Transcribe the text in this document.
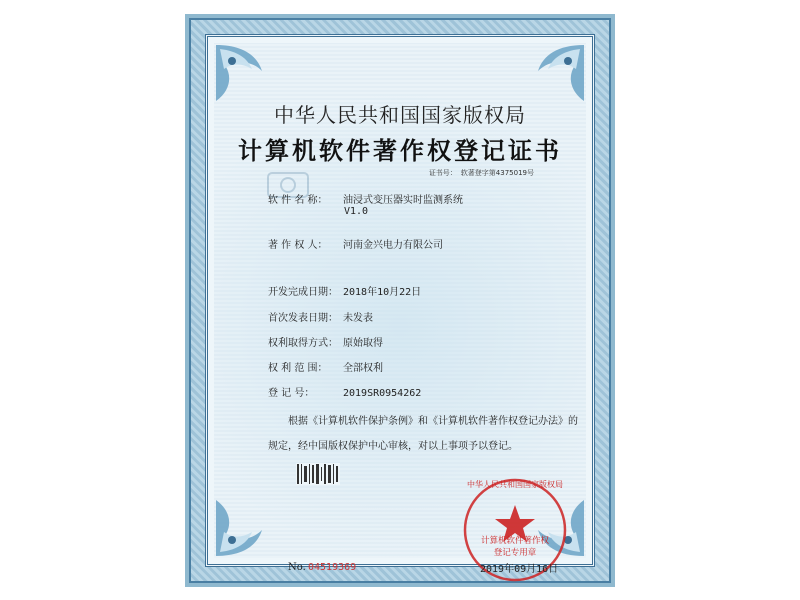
中华人民共和国国家版权局
计算机软件著作权登记证书
证书号： 软著登字第4375019号
软 件 名 称： 油浸式变压器实时监测系统
V1.0
著 作 权 人： 河南金兴电力有限公司
开发完成日期： 2018年10月22日
首次发表日期： 未发表
权利取得方式： 原始取得
权 利 范 围： 全部权利
登 记 号：	2019SR0954262
根据《计算机软件保护条例》和《计算机软件著作权登记办法》的
规定，经中国版权保护中心审核，对以上事项予以登记。
No. 04519369
中华人民共和国国家版权局
计算机软件著作权
登记专用章
2019年09月16日
